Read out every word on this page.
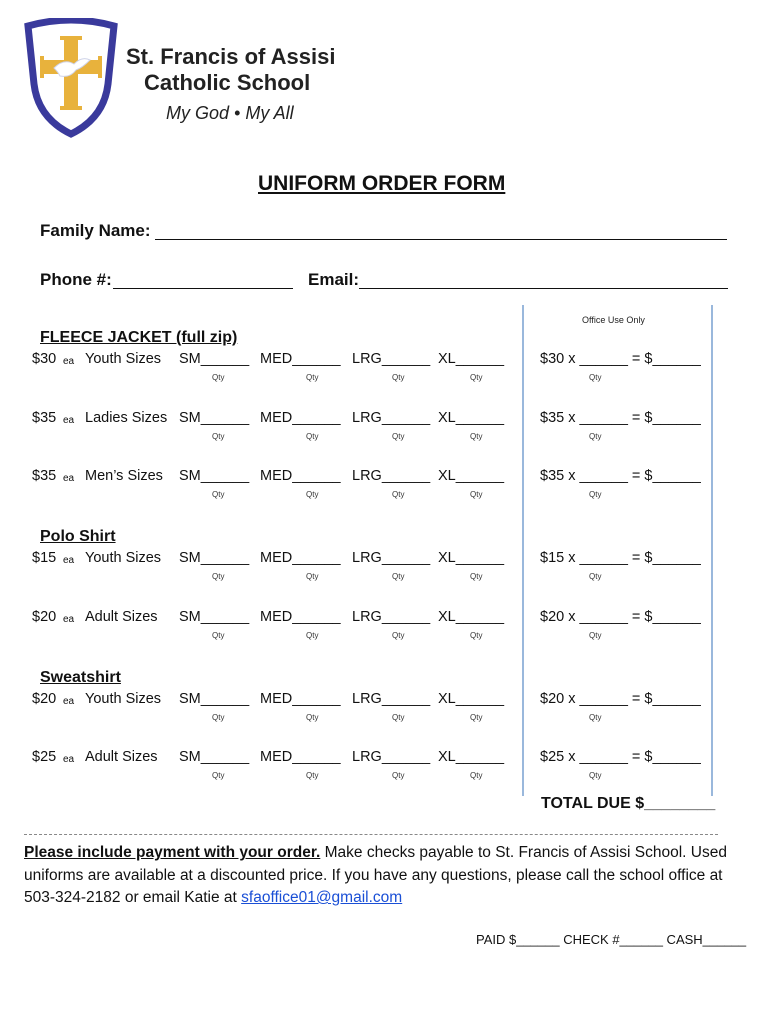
St. Francis of Assisi
Catholic School
My God • My All
UNIFORM ORDER FORM
Family Name:
Phone #:	Email:
Office Use Only
FLEECE JACKET (full zip)
Polo Shirt
Sweatshirt
$30 ea Youth Sizes SM______
Qty
MED______
Qty
LRG______
Qty
XL______
Qty
$30 x ______ = $______
Qty
$35 ea Ladies Sizes SM______
Qty
MED______
Qty
LRG______
Qty
XL______
Qty
$35 x ______ = $______
Qty
$35 ea Men’s Sizes SM______
Qty
MED______
Qty
LRG______
Qty
XL______
Qty
$35 x ______ = $______
Qty
$15 ea Youth Sizes SM______
Qty
MED______
Qty
LRG______
Qty
XL______
Qty
$15 x ______ = $______
Qty
$20 ea Adult Sizes SM______
Qty
MED______
Qty
LRG______
Qty
XL______
Qty
$20 x ______ = $______
Qty
$20 ea Youth Sizes SM______
Qty
MED______
Qty
LRG______
Qty
XL______
Qty
$20 x ______ = $______
Qty
$25 ea Adult Sizes SM______
Qty
MED______
Qty
LRG______
Qty
XL______
Qty
$25 x ______ = $______
Qty
TOTAL DUE $________
Please include payment with your order. Make checks payable to St. Francis of Assisi School. Used uniforms are available at a discounted price. If you have any questions, please call the school office at 503-324-2182 or email Katie at sfaoffice01@gmail.com
PAID $______ CHECK #______ CASH______
